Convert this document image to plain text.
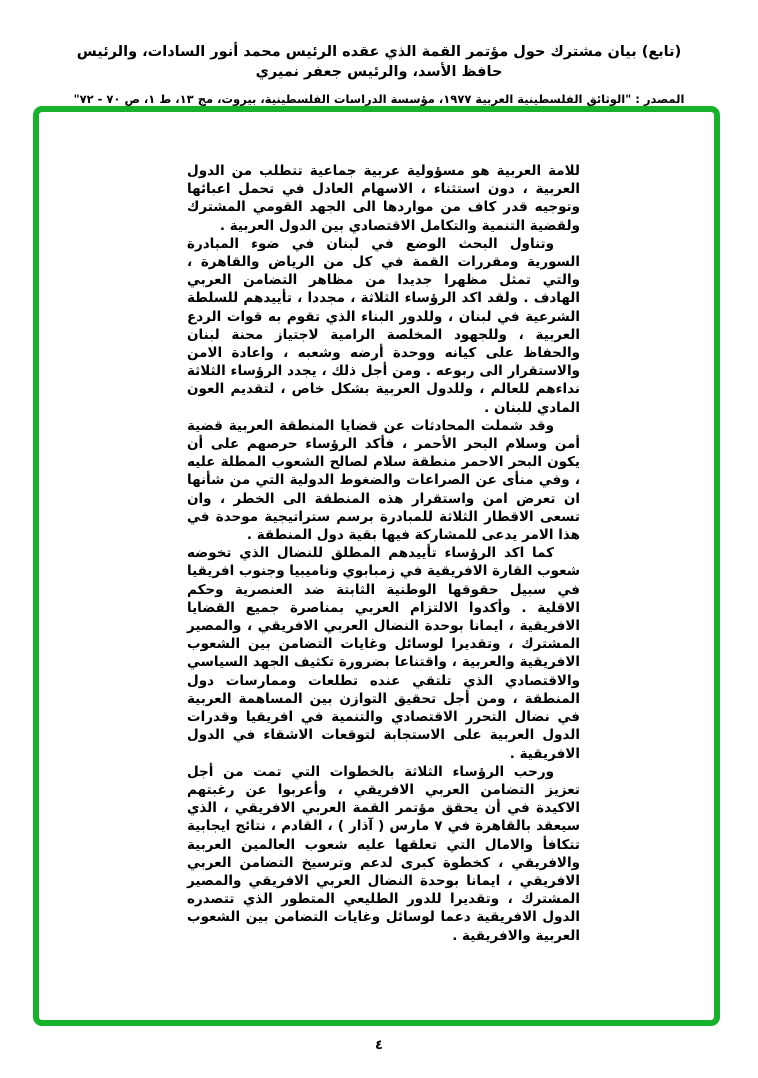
(تابع) بيان مشترك حول مؤتمر القمة الذي عقده الرئيس محمد أنور السادات، والرئيس حافظ الأسد، والرئيس جعفر نميري
المصدر : "الوثائق الفلسطينية العربية ١٩٧٧، مؤسسة الدراسات الفلسطينية، بيروت، مج ١٣، ط ١، ص ٧٠ - ٧٢"

للامة العربية هو مسؤولية عربية جماعية تتطلب من الدول العربية ، دون استثناء ، الاسهام العادل في تحمل اعبائها وتوجيه قدر كاف من مواردها الى الجهد القومي المشترك ولقضية التنمية والتكامل الاقتصادي بين الدول العربية .

وتناول البحث الوضع في لبنان في ضوء المبادرة السورية ومقررات القمة في كل من الرياض والقاهرة ، والتي تمثل مظهرا جديدا من مظاهر التضامن العربي الهادف . ولقد اكد الرؤساء الثلاثة ، مجددا ، تأييدهم للسلطة الشرعية في لبنان ، وللدور البناء الذي تقوم به قوات الردع العربية ، وللجهود المخلصة الرامية لاجتياز محنة لبنان والحفاظ على كيانه ووحدة أرضه وشعبه ، واعادة الامن والاستقرار الى ربوعه . ومن أجل ذلك ، يجدد الرؤساء الثلاثة نداءهم للعالم ، وللدول العربية بشكل خاص ، لتقديم العون المادي للبنان .

وقد شملت المحادثات عن قضايا المنطقة العربية قضية أمن وسلام البحر الأحمر ، فأكد الرؤساء حرصهم على أن يكون البحر الاحمر منطقة سلام لصالح الشعوب المطلة عليه ، وفي منأى عن الصراعات والضغوط الدولية التي من شأنها ان تعرض امن واستقرار هذه المنطقة الى الخطر ، وان تسعى الاقطار الثلاثة للمبادرة برسم ستراتيجية موحدة في هذا الامر يدعى للمشاركة فيها بقية دول المنطقة .

كما اكد الرؤساء تأييدهم المطلق للنضال الذي تخوضه شعوب القارة الافريقية في زمبابوي وناميبيا وجنوب افريقيا في سبيل حقوقها الوطنية الثابتة ضد العنصرية وحكم الاقلية . وأكدوا الالتزام العربي بمناصرة جميع القضايا الافريقية ، ايمانا بوحدة النضال العربي الافريقي ، والمصير المشترك ، وتقديرا لوسائل وغايات التضامن بين الشعوب الافريقية والعربية ، واقتناعا بضرورة تكثيف الجهد السياسي والاقتصادي الذي تلتقي عنده تطلعات وممارسات دول المنطقة ، ومن أجل تحقيق التوازن بين المساهمة العربية في نضال التحرر الاقتصادي والتنمية في افريقيا وقدرات الدول العربية على الاستجابة لتوقعات الاشقاء في الدول الافريقية .

ورحب الرؤساء الثلاثة بالخطوات التي تمت من أجل تعزيز التضامن العربي الافريقي ، وأعربوا عن رغبتهم الاكيدة في أن يحقق مؤتمر القمة العربي الافريقي ، الذي سيعقد بالقاهرة في ٧ مارس ( آذار ) ، القادم ، نتائج ايجابية تتكافأ والامال التي تعلقها عليه شعوب العالمين العربية والافريقي ، كخطوة كبرى لدعم وترسيخ التضامن العربي الافريقي ، ايمانا بوحدة النضال العربي الافريقي والمصير المشترك ، وتقديرا للدور الطليعي المتطور الذي تتصدره الدول الافريقية دعما لوسائل وغايات التضامن بين الشعوب العربية والافريقية .

٤
